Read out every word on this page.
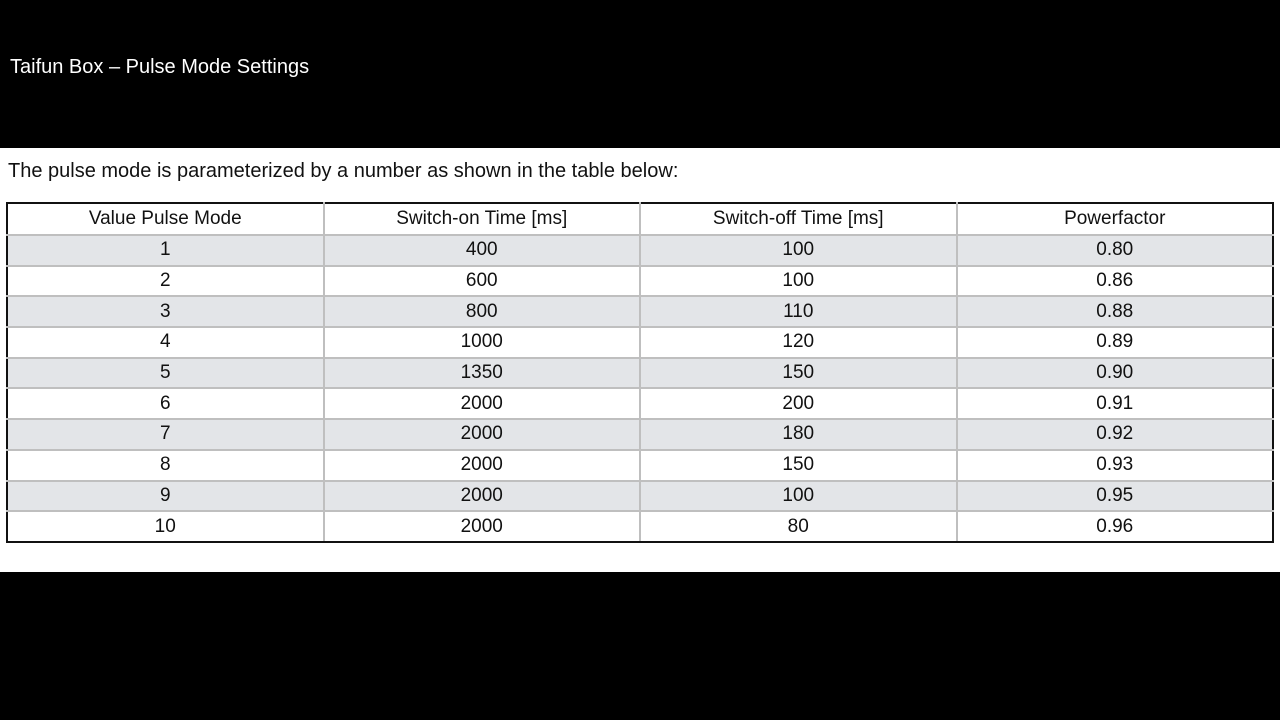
Taifun Box – Pulse Mode Settings
The pulse mode is parameterized by a number as shown in the table below:
Value Pulse Mode	Switch-on Time [ms]	Switch-off Time [ms]	Powerfactor
1	400	100	0.80
2	600	100	0.86
3	800	110	0.88
4	1000	120	0.89
5	1350	150	0.90
6	2000	200	0.91
7	2000	180	0.92
8	2000	150	0.93
9	2000	100	0.95
10	2000	80	0.96
